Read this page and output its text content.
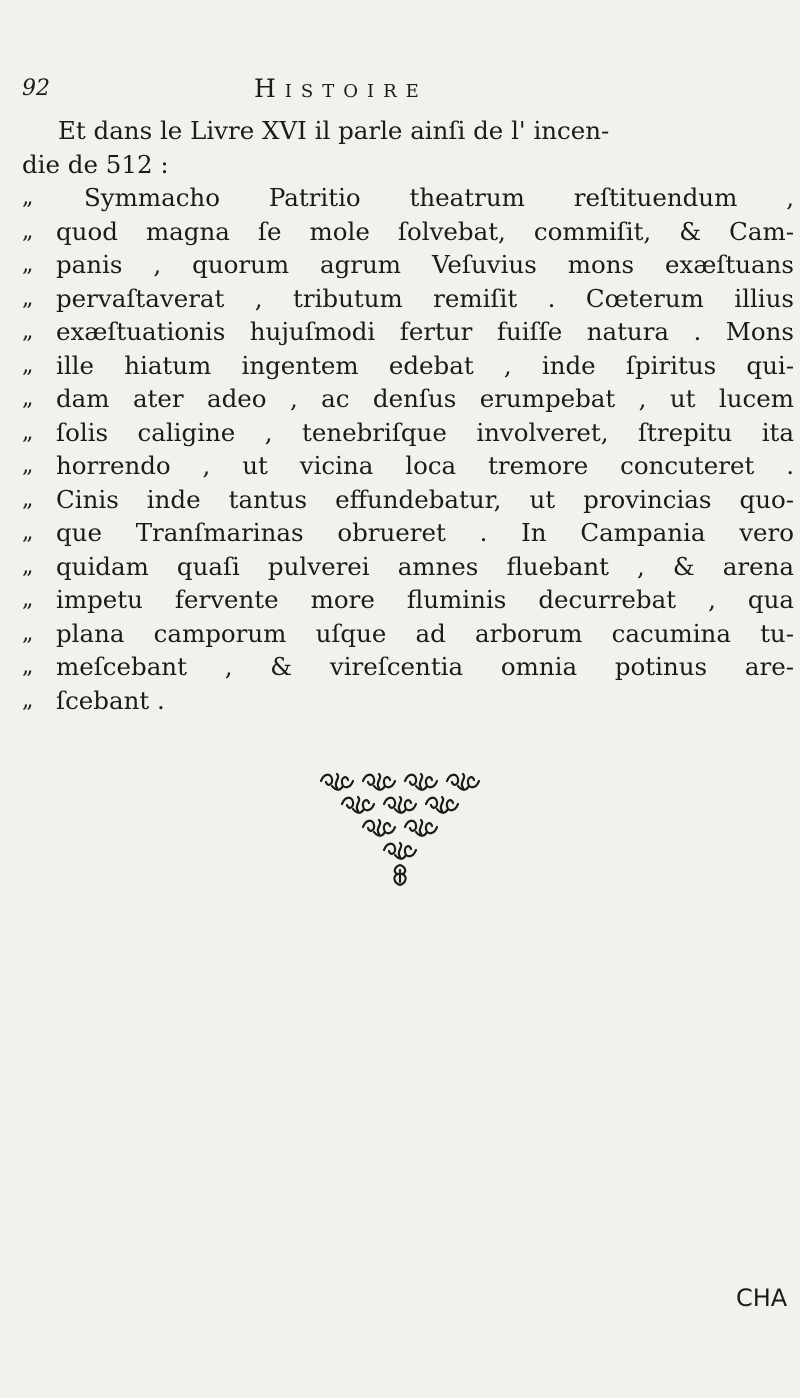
92	Histoire
Et dans le Livre XVI il parle ainſi de l' incen-
die de 512 :
„	Symmacho Patritio theatrum reſtituendum ,
„ quod magna ſe mole ſolvebat, commiſit, & Cam-
„ panis , quorum agrum Veſuvius mons exæſtuans
„ pervaſtaverat , tributum remiſit . Cœterum illius
„ exæſtuationis hujuſmodi fertur fuiſſe natura . Mons
„ ille hiatum ingentem edebat , inde ſpiritus qui-
„ dam ater adeo , ac denſus erumpebat , ut lucem
„ ſolis caligine , tenebriſque involveret, ſtrepitu ita
„ horrendo , ut vicina loca tremore concuteret .
„ Cinis inde tantus effundebatur, ut provincias quo-
„ que Tranſmarinas obrueret . In Campania vero
„ quidam quaſi pulverei amnes fluebant , & arena
„ impetu fervente more fluminis decurrebat , qua
„ plana camporum uſque ad arborum cacumina tu-
„ meſcebant , & vireſcentia omnia potinus are-
„ ſcebant .
CHA
